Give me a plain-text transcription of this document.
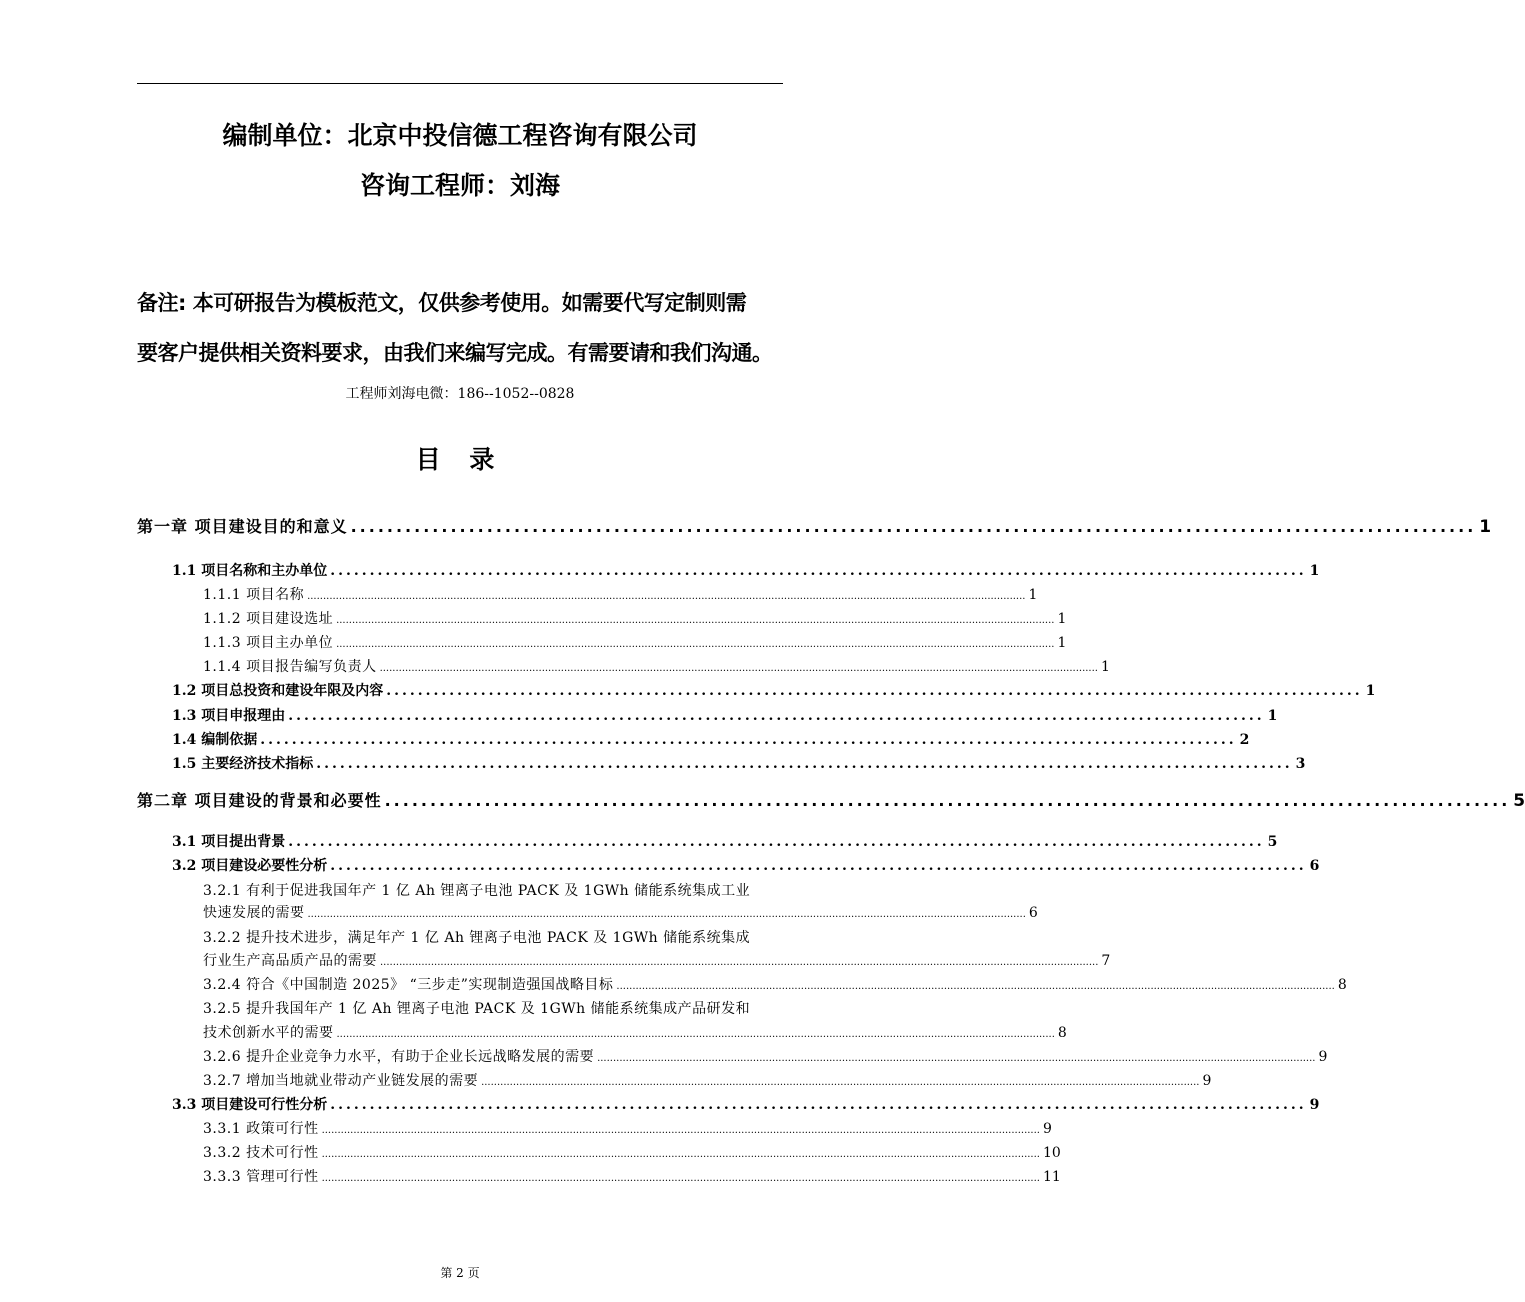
编制单位：北京中投信德工程咨询有限公司
咨询工程师：刘海
备注: 本可研报告为模板范文，仅供参考使用。如需要代写定制则需
要客户提供相关资料要求，由我们来编写完成。有需要请和我们沟通。
工程师刘海电微：186--1052--0828
目 录
第一章 项目建设目的和意义 ............................................................................................................................ 1
1.1 项目名称和主办单位 ............................................................................................................................ 1
1.1.1 项目名称 .................................................................................................................................................................................................................................. 1
1.1.2 项目建设选址 .................................................................................................................................................................................................................................. 1
1.1.3 项目主办单位 .................................................................................................................................................................................................................................. 1
1.1.4 项目报告编写负责人 .................................................................................................................................................................................................................................. 1
1.2 项目总投资和建设年限及内容 ............................................................................................................................ 1
1.3 项目申报理由 ............................................................................................................................ 1
1.4 编制依据 ............................................................................................................................ 2
1.5 主要经济技术指标 ............................................................................................................................ 3
第二章 项目建设的背景和必要性 ............................................................................................................................ 5
3.1 项目提出背景 ............................................................................................................................ 5
3.2 项目建设必要性分析 ............................................................................................................................ 6
3.2.1 有利于促进我国年产 1 亿 Ah 锂离子电池 PACK 及 1GWh 储能系统集成工业
快速发展的需要 .................................................................................................................................................................................................................................. 6
3.2.2 提升技术进步，满足年产 1 亿 Ah 锂离子电池 PACK 及 1GWh 储能系统集成
行业生产高品质产品的需要 .................................................................................................................................................................................................................................. 7
3.2.4 符合《中国制造 2025》 “三步走”实现制造强国战略目标 .................................................................................................................................................................................................................................. 8
3.2.5 提升我国年产 1 亿 Ah 锂离子电池 PACK 及 1GWh 储能系统集成产品研发和
技术创新水平的需要 .................................................................................................................................................................................................................................. 8
3.2.6 提升企业竞争力水平，有助于企业长远战略发展的需要 .................................................................................................................................................................................................................................. 9
3.2.7 增加当地就业带动产业链发展的需要 .................................................................................................................................................................................................................................. 9
3.3 项目建设可行性分析 ............................................................................................................................ 9
3.3.1 政策可行性 .................................................................................................................................................................................................................................. 9
3.3.2 技术可行性 .................................................................................................................................................................................................................................. 10
3.3.3 管理可行性 .................................................................................................................................................................................................................................. 11
第 2 页
